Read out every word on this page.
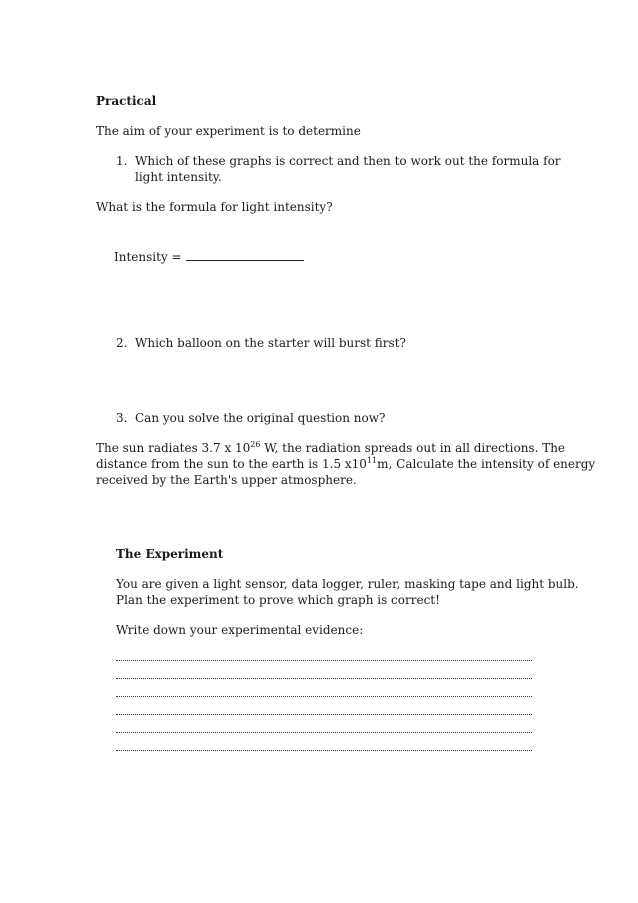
Practical
The aim of your experiment is to determine
1. Which of these graphs is correct and then to work out the formula for
light intensity.
What is the formula for light intensity?
Intensity =
2. Which balloon on the starter will burst first?
3. Can you solve the original question now?
The sun radiates 3.7 x $10^{26}$ W, the radiation spreads out in all directions. The
distance from the sun to the earth is 1.5 $x10^{11}m$, Calculate the intensity of energy
received by the Earth's upper atmosphere.
The Experiment
You are given a light sensor, data logger, ruler, masking tape and light bulb.
Plan the experiment to prove which graph is correct!
Write down your experimental evidence:
